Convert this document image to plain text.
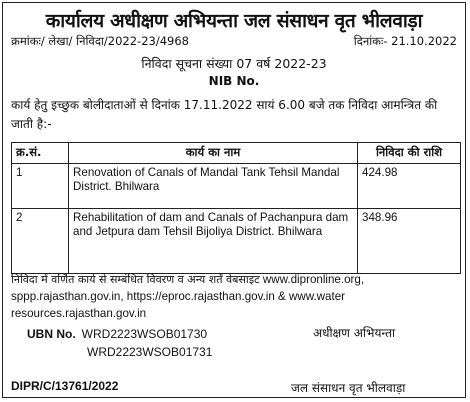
कार्यालय अधीक्षण अभियन्ता जल संसाधन वृत भीलवाड़ा
क्रमांकः/ लेखा/ निविदा/2022-23/4968	दिनांकः- 21.10.2022
निविदा सूचना संख्या 07 वर्ष 2022-23
NIB No.
कार्य हेतु इच्छुक बोलीदाताओं से दिनांक 17.11.2022 सायं 6.00 बजे तक निविदा आमन्त्रित की जाती है:-
क्र.सं.	कार्य का नाम	निविदा की राशि
1	Renovation of Canals of Mandal Tank Tehsil Mandal District. Bhilwara	424.98
2	Rehabilitation of dam and Canals of Pachanpura dam and Jetpura dam Tehsil Bijoliya District. Bhilwara	348.96
निविदा में वर्णित कार्य से सम्बंधित विवरण व अन्य शर्तें वेबसाइट www.dipronline.org, sppp.rajasthan.gov.in, https://eproc.rajasthan.gov.in & www.water resources.rajasthan.gov.in
UBN No. WRD2223WSOB01730
WRD2223WSOB01731
अधीक्षण अभियन्ता
जल संसाधन वृत भीलवाड़ा
DIPR/C/13761/2022
